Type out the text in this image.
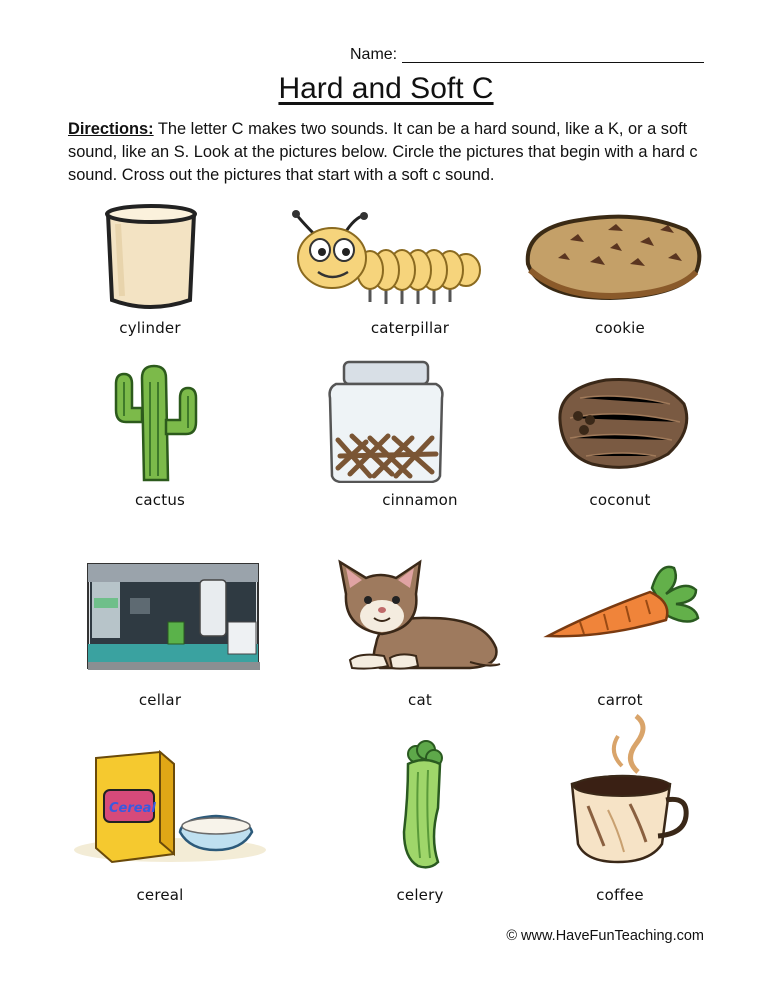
Name:
Hard and Soft C
Directions: The letter C makes two sounds. It can be a hard sound, like a K, or a soft sound, like an S. Look at the pictures below. Circle the pictures that begin with a hard c sound. Cross out the pictures that start with a soft c sound.
cylinder	caterpillar	cookie
cactus	cinnamon	coconut
cellar	cat	carrot
Cereal
cereal	celery	coffee
© www.HaveFunTeaching.com
